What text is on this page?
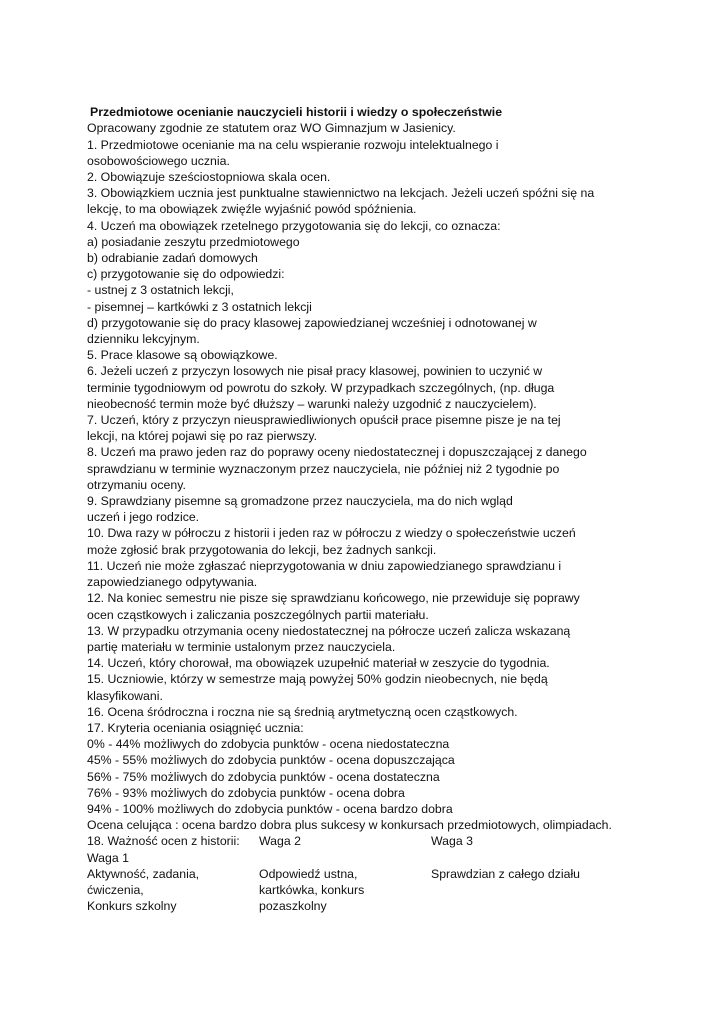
Przedmiotowe ocenianie nauczycieli historii i wiedzy o społeczeństwie
Opracowany zgodnie ze statutem oraz WO Gimnazjum w Jasienicy.
1. Przedmiotowe ocenianie ma na celu wspieranie rozwoju intelektualnego i
osobowościowego ucznia.
2. Obowiązuje sześciostopniowa skala ocen.
3. Obowiązkiem ucznia jest punktualne stawiennictwo na lekcjach. Jeżeli uczeń spóźni się na
lekcję, to ma obowiązek zwięźle wyjaśnić powód spóźnienia.
4. Uczeń ma obowiązek rzetelnego przygotowania się do lekcji, co oznacza:
a) posiadanie zeszytu przedmiotowego
b) odrabianie zadań domowych
c) przygotowanie się do odpowiedzi:
- ustnej z 3 ostatnich lekcji,
- pisemnej – kartkówki z 3 ostatnich lekcji
d) przygotowanie się do pracy klasowej zapowiedzianej wcześniej i odnotowanej w
dzienniku lekcyjnym.
5. Prace klasowe są obowiązkowe.
6. Jeżeli uczeń z przyczyn losowych nie pisał pracy klasowej, powinien to uczynić w
terminie tygodniowym od powrotu do szkoły. W przypadkach szczególnych, (np. długa
nieobecność termin może być dłuższy – warunki należy uzgodnić z nauczycielem).
7. Uczeń, który z przyczyn nieusprawiedliwionych opuścił prace pisemne pisze je na tej
lekcji, na której pojawi się po raz pierwszy.
8. Uczeń ma prawo jeden raz do poprawy oceny niedostatecznej i dopuszczającej z danego
sprawdzianu w terminie wyznaczonym przez nauczyciela, nie później niż 2 tygodnie po
otrzymaniu oceny.
9. Sprawdziany pisemne są gromadzone przez nauczyciela, ma do nich wgląd
uczeń i jego rodzice.
10. Dwa razy w półroczu z historii i jeden raz w półroczu z wiedzy o społeczeństwie uczeń
może zgłosić brak przygotowania do lekcji, bez żadnych sankcji.
11. Uczeń nie może zgłaszać nieprzygotowania w dniu zapowiedzianego sprawdzianu i
zapowiedzianego odpytywania.
12. Na koniec semestru nie pisze się sprawdzianu końcowego, nie przewiduje się poprawy
ocen cząstkowych i zaliczania poszczególnych partii materiału.
13. W przypadku otrzymania oceny niedostatecznej na półrocze uczeń zalicza wskazaną
partię materiału w terminie ustalonym przez nauczyciela.
14. Uczeń, który chorował, ma obowiązek uzupełnić materiał w zeszycie do tygodnia.
15. Uczniowie, którzy w semestrze mają powyżej 50% godzin nieobecnych, nie będą
klasyfikowani.
16. Ocena śródroczna i roczna nie są średnią arytmetyczną ocen cząstkowych.
17. Kryteria oceniania osiągnięć ucznia:
0% - 44% możliwych do zdobycia punktów - ocena niedostateczna
45% - 55% możliwych do zdobycia punktów - ocena dopuszczająca
56% - 75% możliwych do zdobycia punktów - ocena dostateczna
76% - 93% możliwych do zdobycia punktów - ocena dobra
94% - 100% możliwych do zdobycia punktów - ocena bardzo dobra
Ocena celująca : ocena bardzo dobra plus sukcesy w konkursach przedmiotowych, olimpiadach.
18. Ważność ocen z historii:
Waga 1
Waga 2	Waga 3
Aktywność, zadania,
ćwiczenia,
Konkurs szkolny
Odpowiedź ustna,
kartkówka, konkurs
pozaszkolny
Sprawdzian z całego działu
